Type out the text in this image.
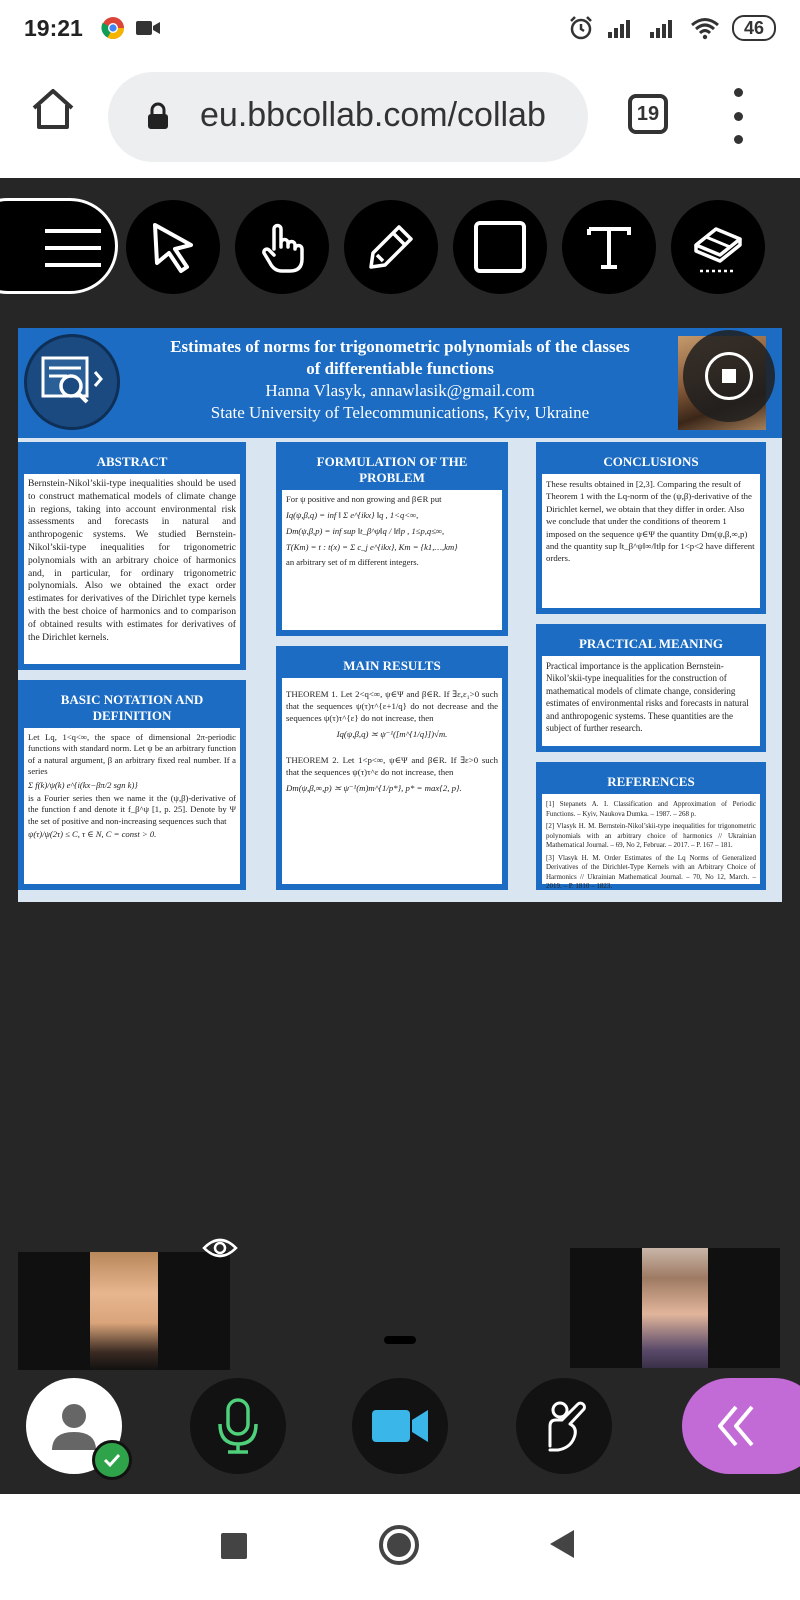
19:21	46
eu.bbcollab.com/collab	19
Estimates of norms for trigonometric polynomials of the classes
of differentiable functions
Hanna Vlasyk, annawlasik@gmail.com
State University of Telecommunications, Kyiv, Ukraine
ABSTRACT
Bernstein-Nikol’skii-type inequalities should be used to construct mathematical models of climate change in regions, taking into account environmental risk assessments and forecasts in natural and anthropogenic systems. We studied Bernstein-Nikol’skii-type inequalities for trigonometric polynomials with an arbitrary choice of harmonics and, in particular, for ordinary trigonometric polynomials. Also we obtained the exact order estimates for derivatives of the Dirichlet type kernels with the best choice of harmonics and to comparison of obtained results with estimates for derivatives of the Dirichlet kernels.
BASIC NOTATION AND DEFINITION

Let Lq, 1<q<∞, the space of dimensional 2π-periodic functions with standard norm. Let ψ be an arbitrary function of a natural argument, β an arbitrary fixed real number. If a series

Σ f(k)/ψ(k) e^{i(kx−βπ/2 sgn k)}

is a Fourier series then we name it the (ψ,β)-derivative of the function f and denote it f_β^ψ [1, p. 25]. Denote by Ψ the set of positive and non-increasing sequences such that

ψ(τ)/ψ(2τ) ≤ C, τ ∈ N, C = const > 0.

FORMULATION OF THE PROBLEM

For ψ positive and non growing and β∈R put

Iq(ψ,β,q) = inf ‖ Σ e^{ikx} ‖q , 1<q<∞,

Dm(ψ,β,p) = inf sup ‖t_β^ψ‖q / ‖t‖p , 1≤p,q≤∞,

T(Km) = t : t(x) = Σ c_j e^{ikx}, Km = {k1,…,km}

an arbitrary set of m different integers.

MAIN RESULTS

THEOREM 1. Let 2<q<∞, ψ∈Ψ and β∈R. If ∃ε,ε₁>0 such that the sequences ψ(τ)τ^{ε+1/q} do not decrease and the sequences ψ(τ)τ^{ε} do not increase, then

Iq(ψ,β,q) ≍ ψ⁻¹([m^{1/q}])√m.

THEOREM 2. Let 1<p<∞, ψ∈Ψ and β∈R. If ∃ε>0 such that the sequences ψ(τ)τ^ε do not increase, then

Dm(ψ,β,∞,p) ≍ ψ⁻¹(m)m^{1/p*}, p* = max{2, p}.

CONCLUSIONS
These results obtained in [2,3]. Comparing the result of Theorem 1 with the Lq-norm of the (ψ,β)-derivative of the Dirichlet kernel, we obtain that they differ in order. Also we conclude that under the conditions of theorem 1 imposed on the sequence ψ∈Ψ the quantity Dm(ψ,β,∞,p) and the quantity sup ‖t_β^ψ‖∞/‖t‖p for 1<p<2 have different orders.
PRACTICAL MEANING
Practical importance is the application Bernstein-Nikol’skii-type inequalities for the construction of mathematical models of climate change, considering estimates of environmental risks and forecasts in natural and anthropogenic systems. These quantities are the subject of further research.
REFERENCES

[1] Stepanets A. I. Classification and Approximation of Periodic Functions. – Kyiv, Naukova Dumka. – 1987. – 268 p.

[2] Vlasyk H. M. Bernstein-Nikol’skii-type inequalities for trigonometric polynomials with an arbitrary choice of harmonics // Ukrainian Mathematical Journal. – 69, No 2, Februar. – 2017. – P. 167 – 181.

[3] Vlasyk H. M. Order Estimates of the Lq Norms of Generalized Derivatives of the Dirichlet-Type Kernels with an Arbitrary Choice of Harmonics // Ukrainian Mathematical Journal. – 70, No 12, March. – 2019. – P. 1810 – 1823.
